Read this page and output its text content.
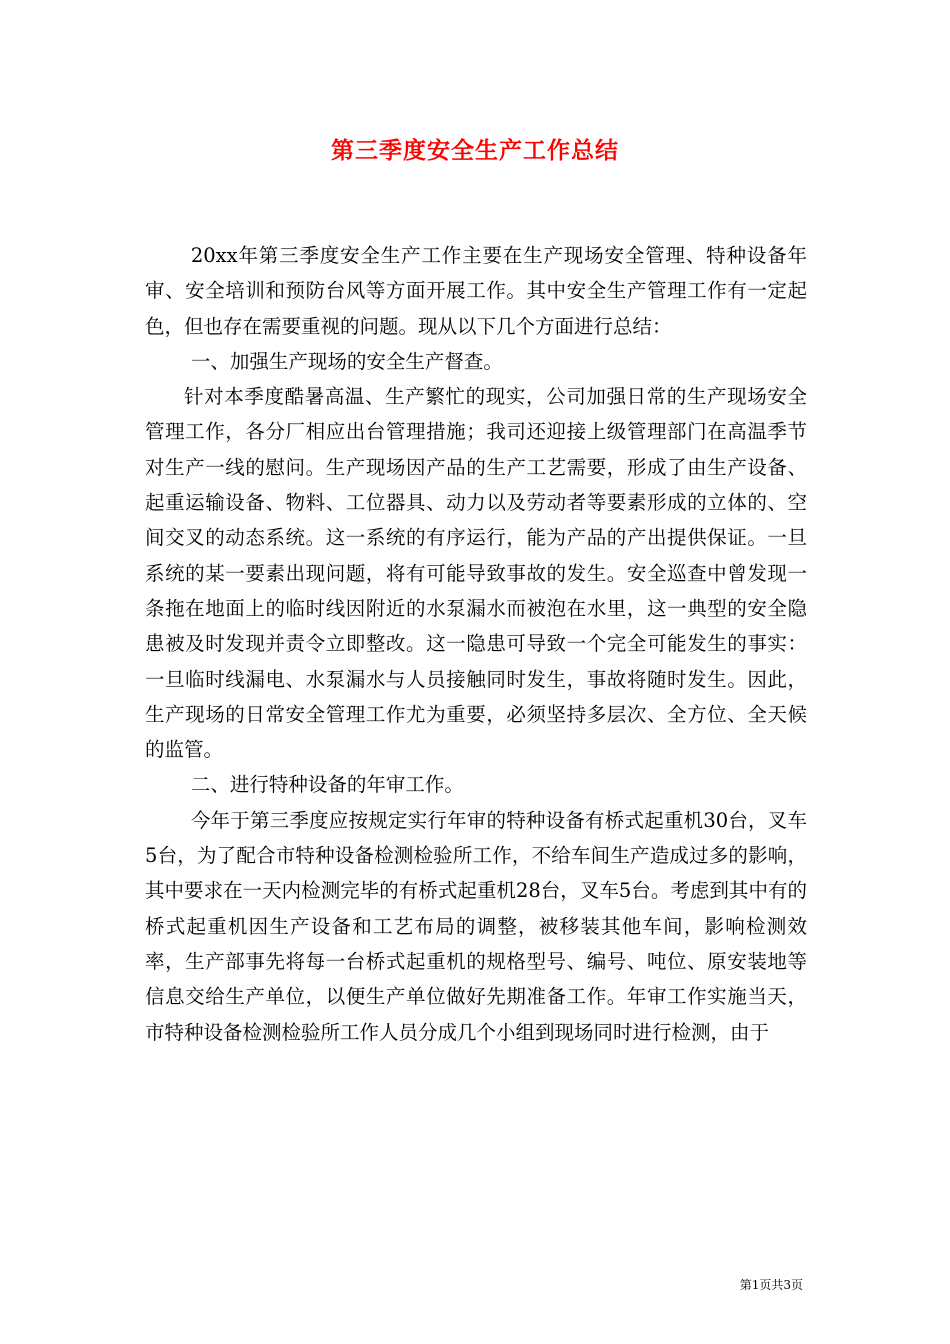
第三季度安全生产工作总结

20xx年第三季度安全生产工作主要在生产现场安全管理、特种设备年审、安全培训和预防台风等方面开展工作。其中安全生产管理工作有一定起色，但也存在需要重视的问题。现从以下几个方面进行总结：

一、加强生产现场的安全生产督查。

针对本季度酷暑高温、生产繁忙的现实，公司加强日常的生产现场安全管理工作，各分厂相应出台管理措施；我司还迎接上级管理部门在高温季节对生产一线的慰问。生产现场因产品的生产工艺需要，形成了由生产设备、起重运输设备、物料、工位器具、动力以及劳动者等要素形成的立体的、空间交叉的动态系统。这一系统的有序运行，能为产品的产出提供保证。一旦系统的某一要素出现问题，将有可能导致事故的发生。安全巡查中曾发现一条拖在地面上的临时线因附近的水泵漏水而被泡在水里，这一典型的安全隐患被及时发现并责令立即整改。这一隐患可导致一个完全可能发生的事实：一旦临时线漏电、水泵漏水与人员接触同时发生，事故将随时发生。因此，生产现场的日常安全管理工作尤为重要，必须坚持多层次、全方位、全天候的监管。

二、进行特种设备的年审工作。

今年于第三季度应按规定实行年审的特种设备有桥式起重机30台，叉车5台，为了配合市特种设备检测检验所工作，不给车间生产造成过多的影响，其中要求在一天内检测完毕的有桥式起重机28台，叉车5台。考虑到其中有的桥式起重机因生产设备和工艺布局的调整，被移装其他车间，影响检测效率，生产部事先将每一台桥式起重机的规格型号、编号、吨位、原安装地等信息交给生产单位，以便生产单位做好先期准备工作。年审工作实施当天，市特种设备检测检验所工作人员分成几个小组到现场同时进行检测，由于

第1页共3页
